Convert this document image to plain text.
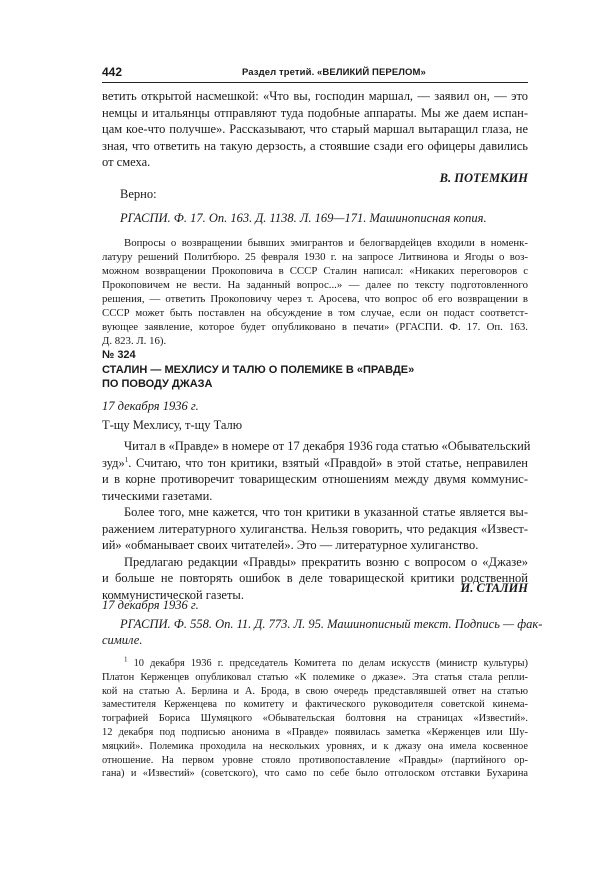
442	Раздел третий. «ВЕЛИКИЙ ПЕРЕЛОМ»
ветить открытой насмешкой: «Что вы, господин маршал, — заявил он, — это
немцы и итальянцы отправляют туда подобные аппараты. Мы же даем испан-
цам кое-что получше». Рассказывают, что старый маршал вытаращил глаза, не
зная, что ответить на такую дерзость, а стоявшие сзади его офицеры давились
от смеха.
В. ПОТЕМКИН
Верно:
РГАСПИ. Ф. 17. Оп. 163. Д. 1138. Л. 169—171. Машинописная копия.
Вопросы о возвращении бывших эмигрантов и белогвардейцев входили в номенк-
латуру решений Политбюро. 25 февраля 1930 г. на запросе Литвинова и Ягоды о воз-
можном возвращении Прокоповича в СССР Сталин написал: «Никаких переговоров с
Прокоповичем не вести. На заданный вопрос...» — далее по тексту подготовленного
решения, — ответить Прокоповичу через т. Аросева, что вопрос об его возвращении в
СССР может быть поставлен на обсуждение в том случае, если он подаст соответст-
вующее заявление, которое будет опубликовано в печати» (РГАСПИ. Ф. 17. Оп. 163.
Д. 823. Л. 16).
№ 324
СТАЛИН — МЕХЛИСУ И ТАЛЮ О ПОЛЕМИКЕ В «ПРАВДЕ»
ПО ПОВОДУ ДЖАЗА
17 декабря 1936 г.
Т-щу Мехлису, т-щу Талю
Читал в «Правде» в номере от 17 декабря 1936 года статью «Обывательский
зуд»$^1$. Считаю, что тон критики, взятый «Правдой» в этой статье, неправилен
и в корне противоречит товарищеским отношениям между двумя коммунис-
тическими газетами.
Более того, мне кажется, что тон критики в указанной статье является вы-
ражением литературного хулиганства. Нельзя говорить, что редакция «Извест-
ий» «обманывает своих читателей». Это — литературное хулиганство.
Предлагаю редакции «Правды» прекратить возню с вопросом о «Джазе»
и больше не повторять ошибок в деле товарищеской критики родственной
коммунистической газеты.	И. СТАЛИН
17 декабря 1936 г.
РГАСПИ. Ф. 558. Оп. 11. Д. 773. Л. 95. Машинописный текст. Подпись — фак-
симиле.
$^1$ 10 декабря 1936 г. председатель Комитета по делам искусств (министр культуры)
Платон Керженцев опубликовал статью «К полемике о джазе». Эта статья стала репли-
кой на статью А. Берлина и А. Брода, в свою очередь представлявшей ответ на статью
заместителя Керженцева по комитету и фактического руководителя советской кинема-
тографией Бориса Шумяцкого «Обывательская болтовня на страницах «Известий».
12 декабря под подписью анонима в «Правде» появилась заметка «Керженцев или Шу-
мяцкий». Полемика проходила на нескольких уровнях, и к джазу она имела косвенное
отношение. На первом уровне стояло противопоставление «Правды» (партийного ор-
гана) и «Известий» (советского), что само по себе было отголоском отставки Бухарина
